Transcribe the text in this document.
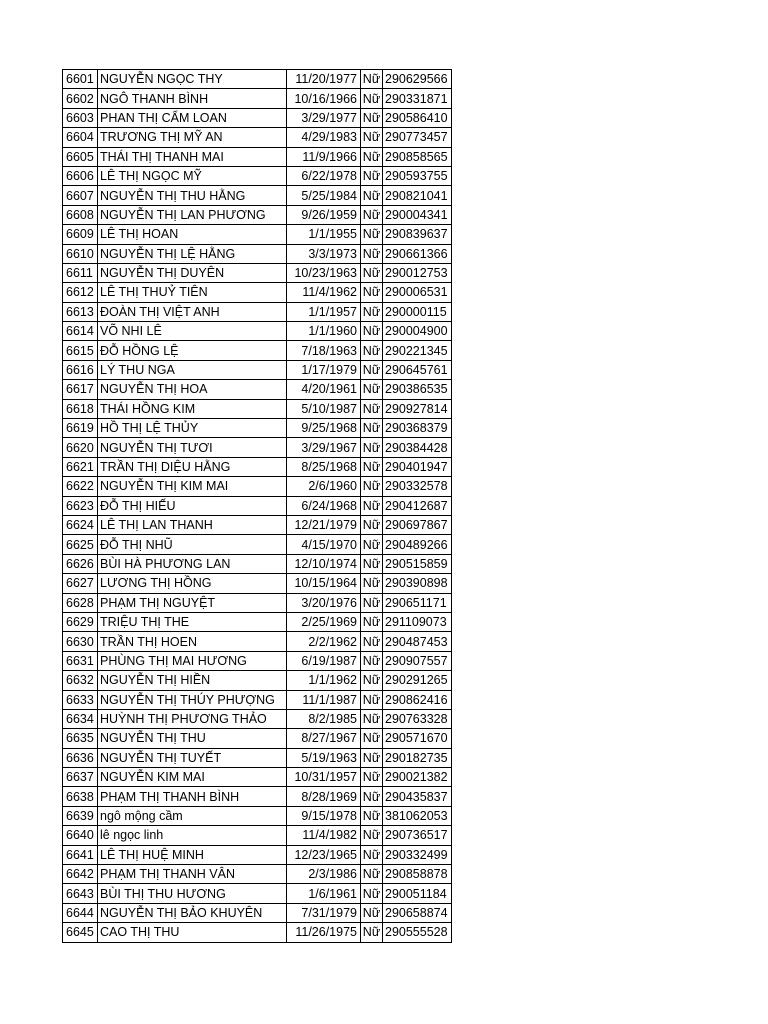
6601	NGUYỄN NGỌC THY	11/20/1977	Nữ	290629566
6602	NGÔ THANH BÌNH	10/16/1966	Nữ	290331871
6603	PHAN THỊ CẨM LOAN	3/29/1977	Nữ	290586410
6604	TRƯƠNG THỊ MỸ AN	4/29/1983	Nữ	290773457
6605	THÁI THỊ THANH MAI	11/9/1966	Nữ	290858565
6606	LÊ THỊ NGỌC MỸ	6/22/1978	Nữ	290593755
6607	NGUYỄN THỊ THU HẰNG	5/25/1984	Nữ	290821041
6608	NGUYỄN THỊ LAN PHƯƠNG	9/26/1959	Nữ	290004341
6609	LÊ THỊ HOAN	1/1/1955	Nữ	290839637
6610	NGUYỄN THỊ LỆ HẰNG	3/3/1973	Nữ	290661366
6611	NGUYỄN THỊ DUYÊN	10/23/1963	Nữ	290012753
6612	LÊ THỊ THUỶ TIÊN	11/4/1962	Nữ	290006531
6613	ĐOÀN THỊ VIỆT ANH	1/1/1957	Nữ	290000115
6614	VÕ NHI LÊ	1/1/1960	Nữ	290004900
6615	ĐỖ HỒNG LỆ	7/18/1963	Nữ	290221345
6616	LÝ THU NGA	1/17/1979	Nữ	290645761
6617	NGUYỄN THỊ HOA	4/20/1961	Nữ	290386535
6618	THÁI HỒNG KIM	5/10/1987	Nữ	290927814
6619	HỒ THỊ LỆ THỦY	9/25/1968	Nữ	290368379
6620	NGUYỄN THỊ TƯƠI	3/29/1967	Nữ	290384428
6621	TRẦN THỊ DIỆU HẰNG	8/25/1968	Nữ	290401947
6622	NGUYỄN THỊ KIM MAI	2/6/1960	Nữ	290332578
6623	ĐỖ THỊ HIẾU	6/24/1968	Nữ	290412687
6624	LÊ THỊ LAN THANH	12/21/1979	Nữ	290697867
6625	ĐỖ THỊ NHŨ	4/15/1970	Nữ	290489266
6626	BÙI HÀ PHƯƠNG LAN	12/10/1974	Nữ	290515859
6627	LƯƠNG THỊ HỒNG	10/15/1964	Nữ	290390898
6628	PHẠM THỊ NGUYỆT	3/20/1976	Nữ	290651171
6629	TRIỆU THỊ THE	2/25/1969	Nữ	291109073
6630	TRẦN THỊ HOEN	2/2/1962	Nữ	290487453
6631	PHÙNG THỊ MAI HƯƠNG	6/19/1987	Nữ	290907557
6632	NGUYỄN THỊ HIỀN	1/1/1962	Nữ	290291265
6633	NGUYỄN THỊ THÚY PHƯỢNG	11/1/1987	Nữ	290862416
6634	HUỲNH THỊ PHƯƠNG THẢO	8/2/1985	Nữ	290763328
6635	NGUYỄN THỊ THU	8/27/1967	Nữ	290571670
6636	NGUYỄN THỊ TUYẾT	5/19/1963	Nữ	290182735
6637	NGUYỄN KIM MAI	10/31/1957	Nữ	290021382
6638	PHẠM THỊ THANH BÌNH	8/28/1969	Nữ	290435837
6639	ngô mộng cầm	9/15/1978	Nữ	381062053
6640	lê ngọc linh	11/4/1982	Nữ	290736517
6641	LÊ THỊ HUỆ MINH	12/23/1965	Nữ	290332499
6642	PHẠM THỊ THANH VÂN	2/3/1986	Nữ	290858878
6643	BÙI THỊ THU HƯƠNG	1/6/1961	Nữ	290051184
6644	NGUYỄN THỊ BẢO KHUYÊN	7/31/1979	Nữ	290658874
6645	CAO THỊ THU	11/26/1975	Nữ	290555528
